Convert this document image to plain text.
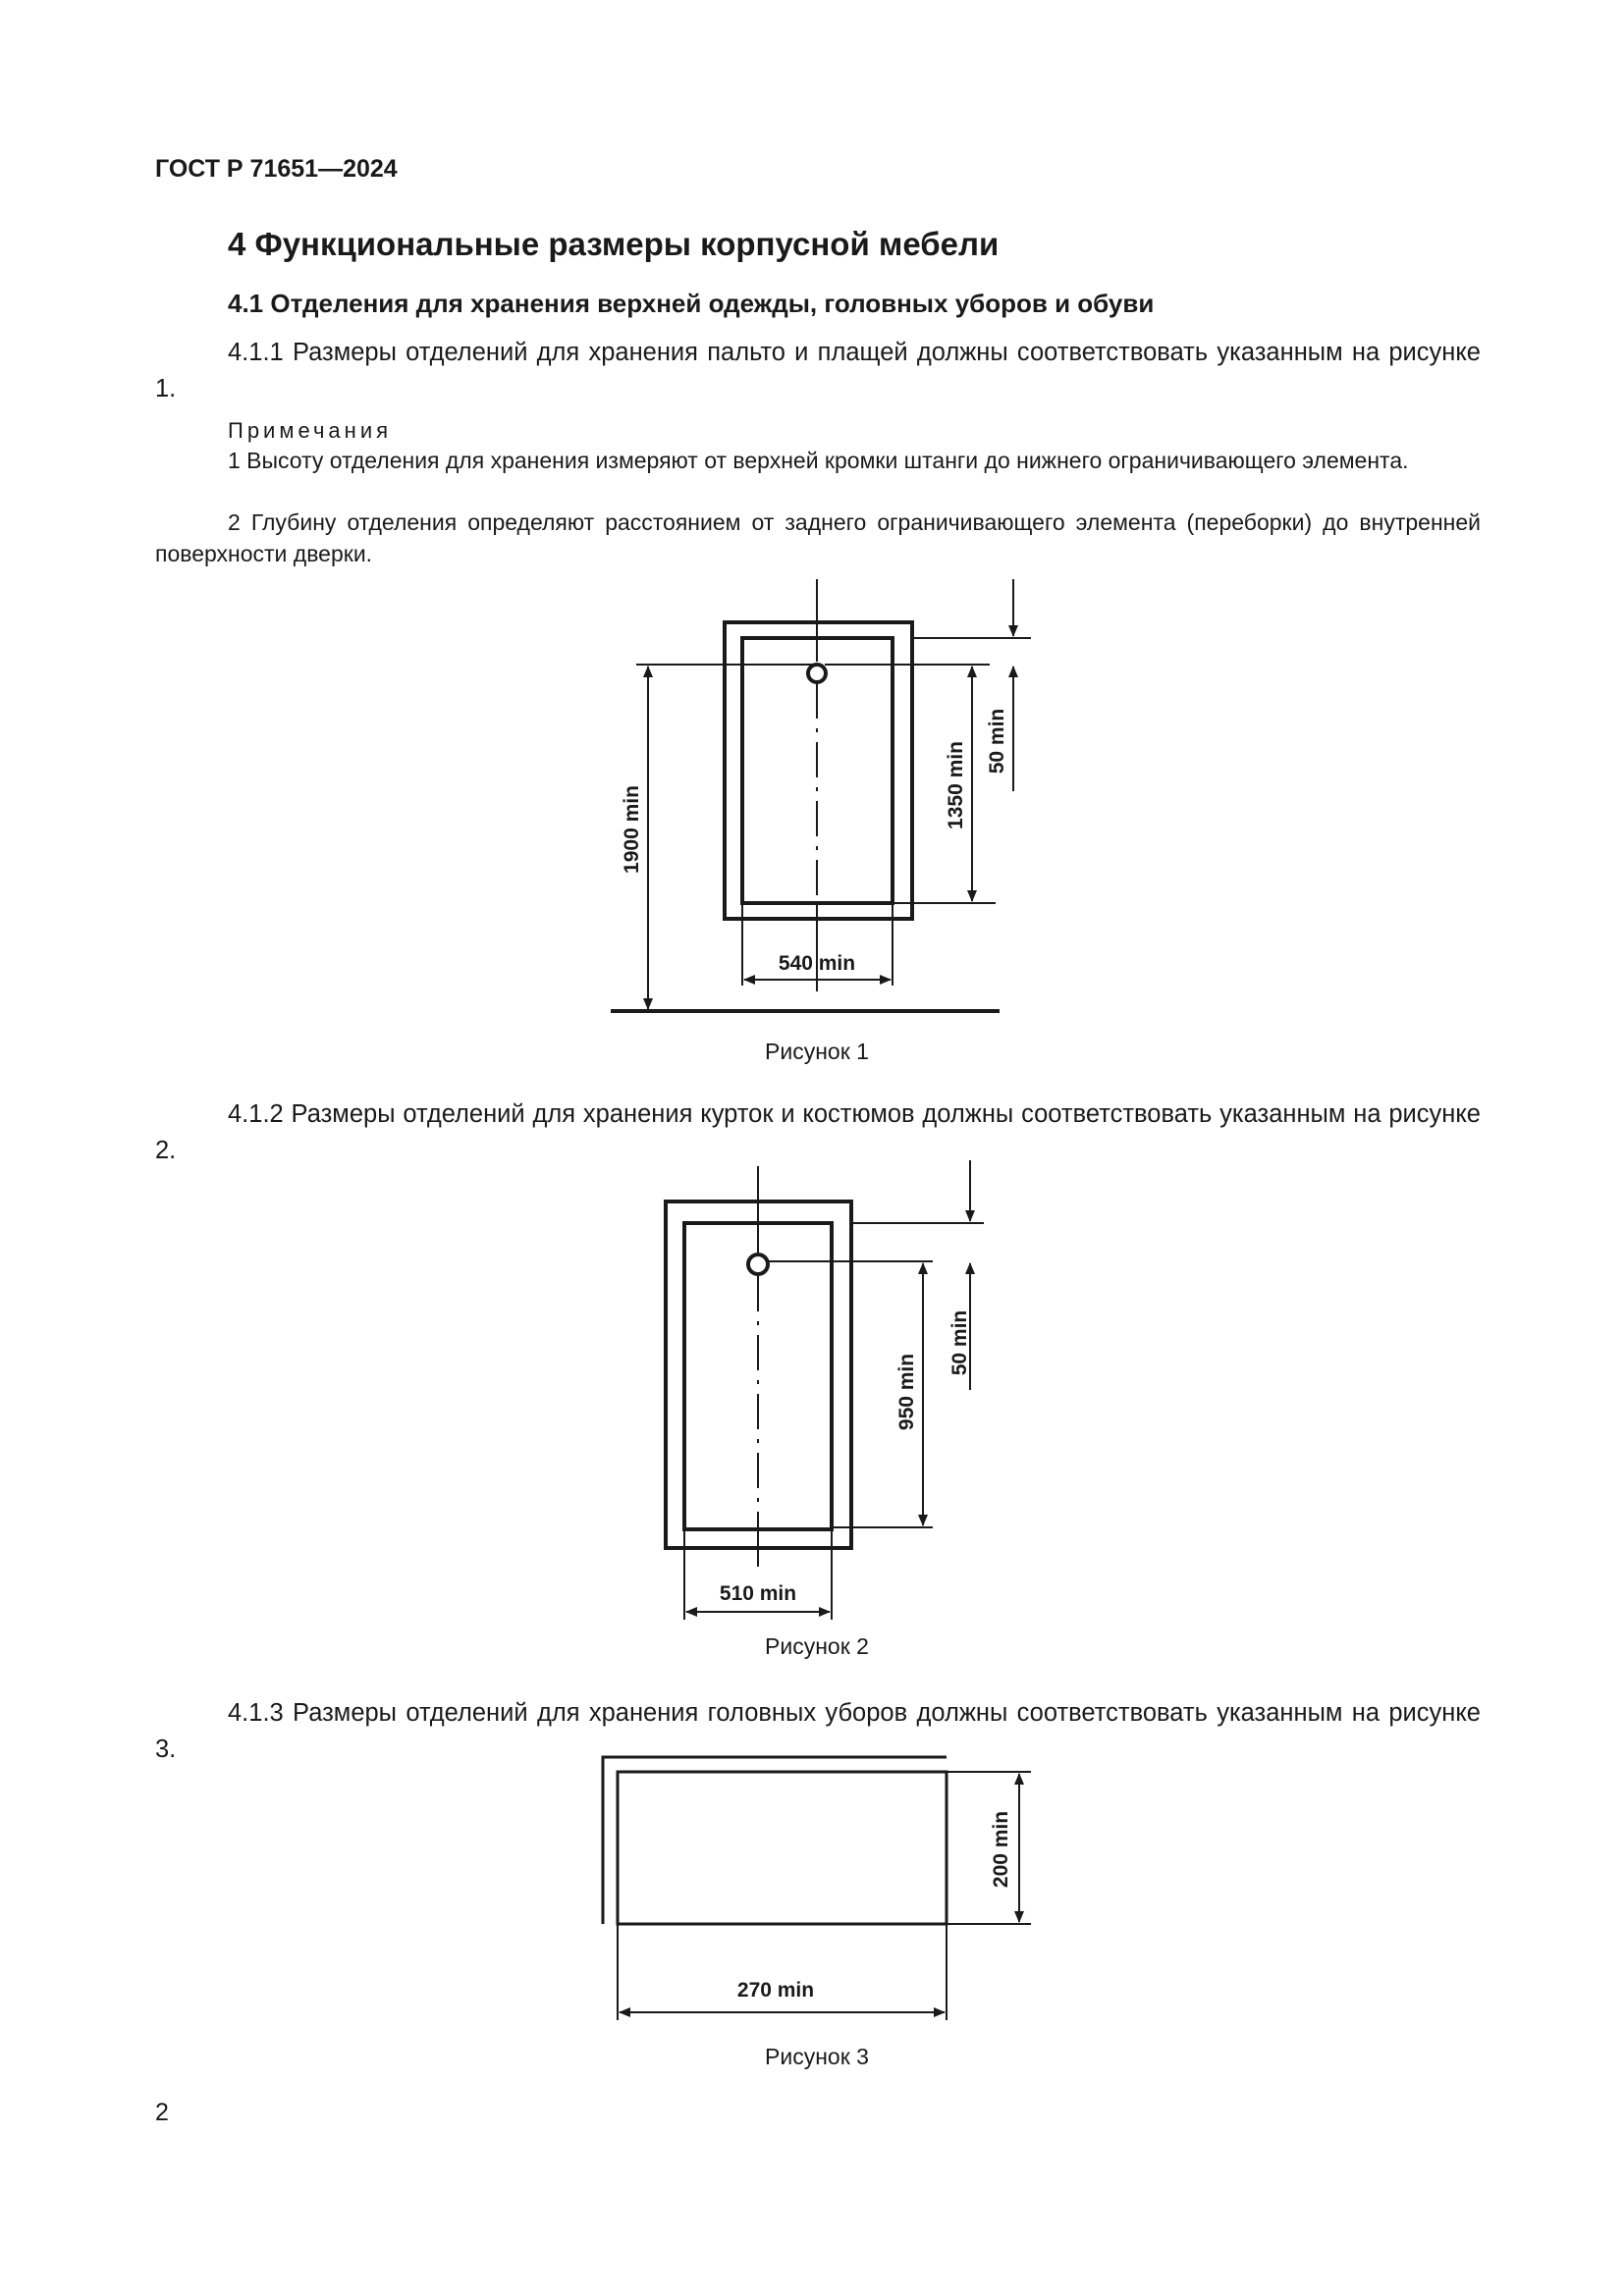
ГОСТ Р 71651—2024
4 Функциональные размеры корпусной мебели
4.1 Отделения для хранения верхней одежды, головных уборов и обуви

4.1.1 Размеры отделений для хранения пальто и плащей должны соответствовать указанным на рисунке 1.

Примечания

1 Высоту отделения для хранения измеряют от верхней кромки штанги до нижнего ограничивающего элемента.

2 Глубину отделения определяют расстоянием от заднего ограничивающего элемента (переборки) до внутренней поверхности дверки.

1900 min
1350 min
50 min
540 min
Рисунок 1

4.1.2 Размеры отделений для хранения курток и костюмов должны соответствовать указанным на рисунке 2.

950 min
50 min
510 min
Рисунок 2

4.1.3 Размеры отделений для хранения головных уборов должны соответствовать указанным на рисунке 3.

200 min
270 min
Рисунок 3
2
